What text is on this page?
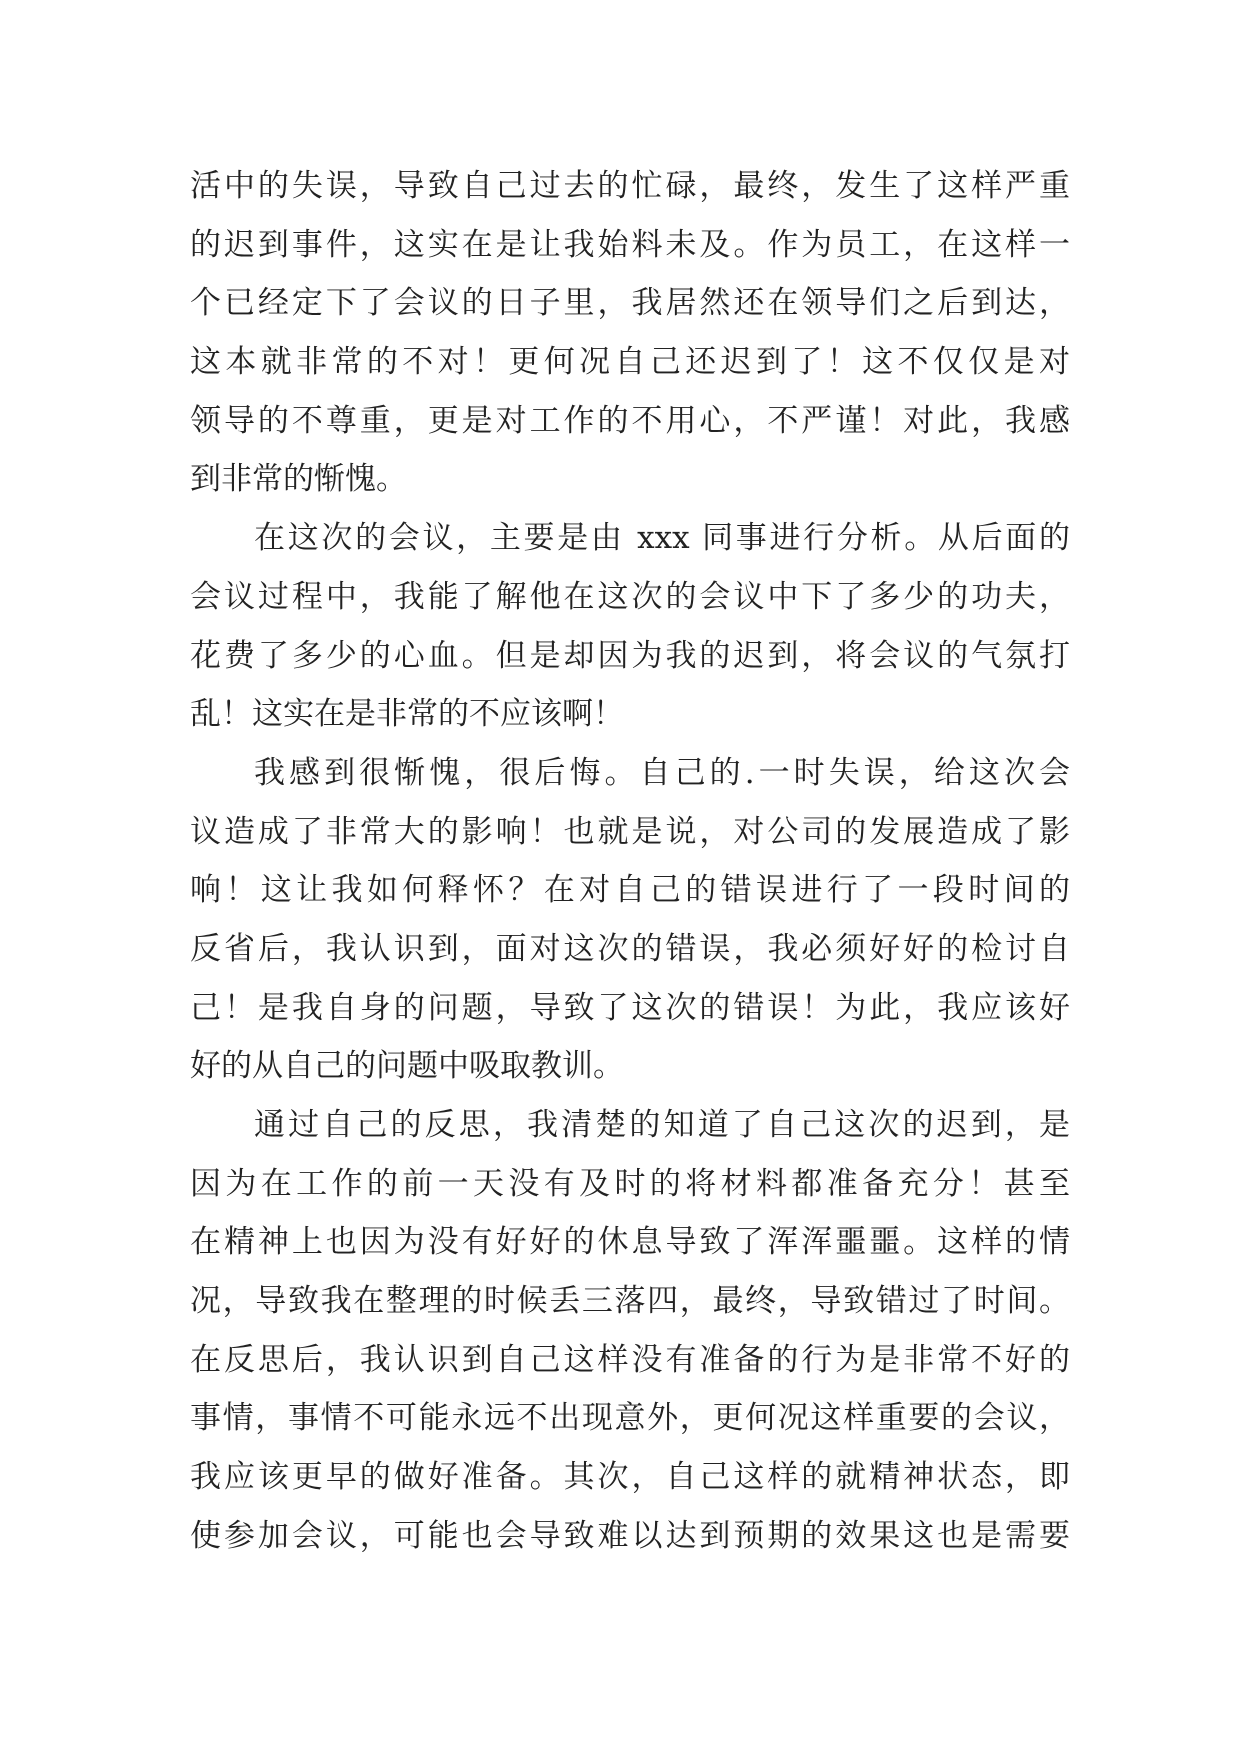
活中的失误，导致自己过去的忙碌，最终，发生了这样严重
的迟到事件，这实在是让我始料未及。作为员工，在这样一
个已经定下了会议的日子里，我居然还在领导们之后到达，
这本就非常的不对！更何况自己还迟到了！这不仅仅是对
领导的不尊重，更是对工作的不用心，不严谨！对此，我感
到非常的惭愧。
在这次的会议，主要是由 xxx 同事进行分析。从后面的
会议过程中，我能了解他在这次的会议中下了多少的功夫，
花费了多少的心血。但是却因为我的迟到，将会议的气氛打
乱！这实在是非常的不应该啊！
我感到很惭愧，很后悔。自己的.一时失误，给这次会
议造成了非常大的影响！也就是说，对公司的发展造成了影
响！这让我如何释怀？在对自己的错误进行了一段时间的
反省后，我认识到，面对这次的错误，我必须好好的检讨自
己！是我自身的问题，导致了这次的错误！为此，我应该好
好的从自己的问题中吸取教训。
通过自己的反思，我清楚的知道了自己这次的迟到，是
因为在工作的前一天没有及时的将材料都准备充分！甚至
在精神上也因为没有好好的休息导致了浑浑噩噩。这样的情
况，导致我在整理的时候丢三落四，最终，导致错过了时间。
在反思后，我认识到自己这样没有准备的行为是非常不好的
事情，事情不可能永远不出现意外，更何况这样重要的会议，
我应该更早的做好准备。其次，自己这样的就精神状态，即
使参加会议，可能也会导致难以达到预期的效果这也是需要
